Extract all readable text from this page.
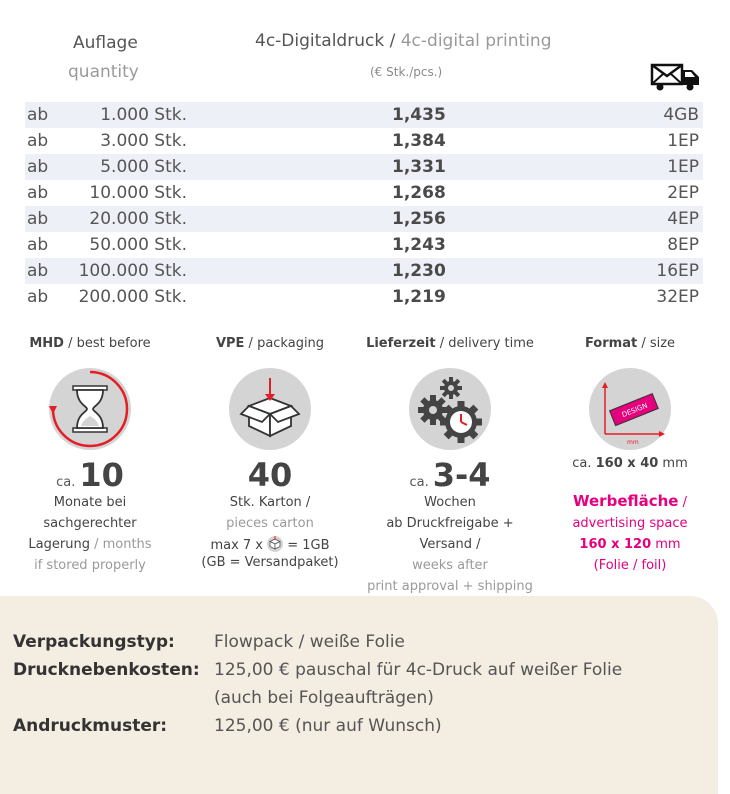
Auflage
quantity
4c-Digitaldruck / 4c-digital printing
(€ Stk./pcs.)
ab	1.000 Stk.	1,435	4GB
ab	3.000 Stk.	1,384	1EP
ab	5.000 Stk.	1,331	1EP
ab 10.000 Stk.	1,268	2EP
ab 20.000 Stk.	1,256	4EP
ab 50.000 Stk.	1,243	8EP
ab 100.000 Stk.	1,230	16EP
ab 200.000 Stk.	1,219	32EP
MHD / best before
ca. 10
Monate bei
sachgerechter
Lagerung / months
if stored properly
VPE / packaging
40
Stk. Karton /
pieces carton
max 7 x  = 1GB
(GB = Versandpaket)
Lieferzeit / delivery time
ca. 3-4
Wochen
ab Druckfreigabe + Versand /
weeks after
print approval + shipping
Format / size
DESIGN
mm
ca. 160 x 40 mm
Werbefläche /
advertising space
160 x 120 mm
(Folie / foil)
Verpackungstyp: Flowpack / weiße Folie
Drucknebenkosten: 125,00 € pauschal für 4c-Druck auf weißer Folie
(auch bei Folgeaufträgen)
Andruckmuster:	125,00 € (nur auf Wunsch)
